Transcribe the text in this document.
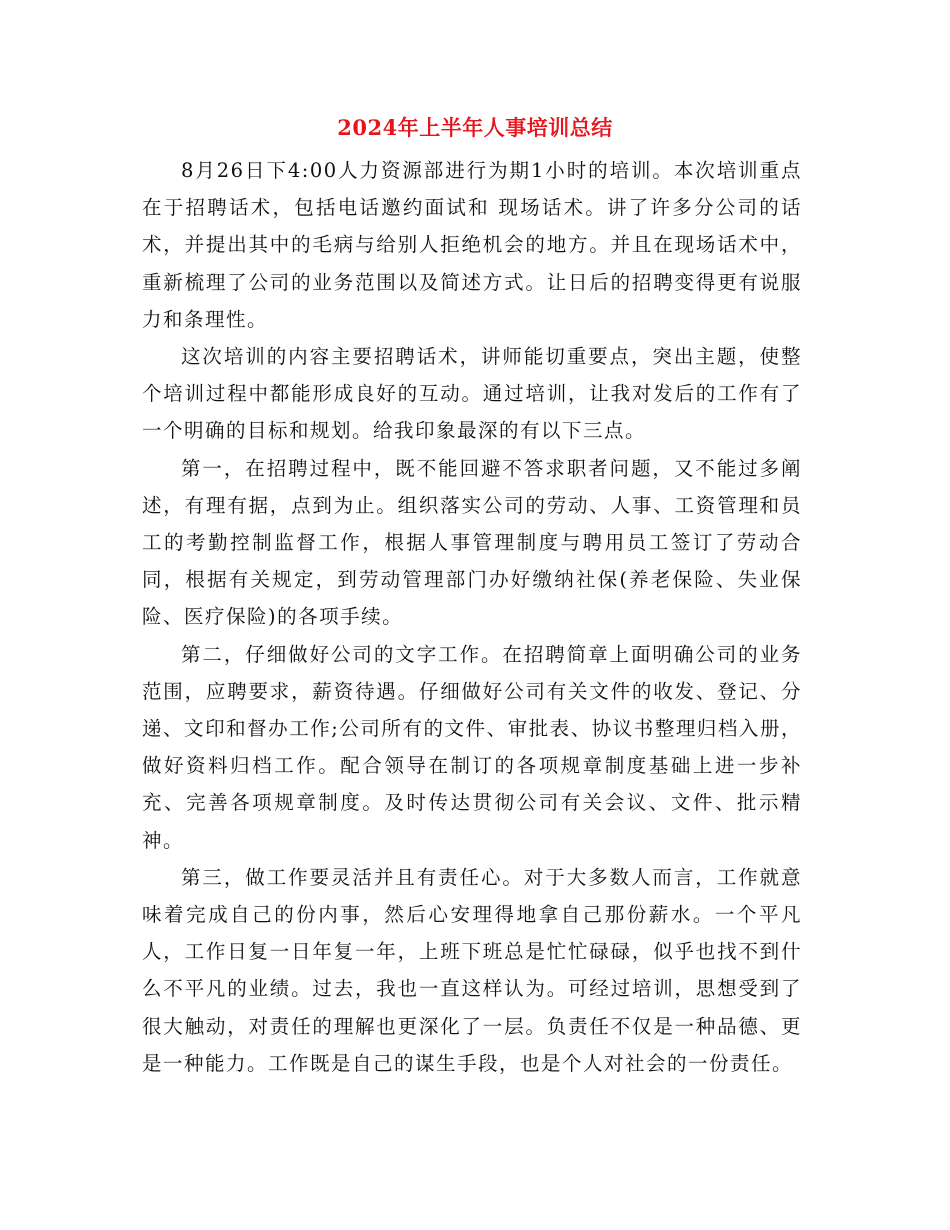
2024年上半年人事培训总结

8月26日下4:00人力资源部进行为期1小时的培训。本次培训重点在于招聘话术，包括电话邀约面试和 现场话术。讲了许多分公司的话术，并提出其中的毛病与给别人拒绝机会的地方。并且在现场话术中，重新梳理了公司的业务范围以及简述方式。让日后的招聘变得更有说服力和条理性。

这次培训的内容主要招聘话术，讲师能切重要点，突出主题，使整个培训过程中都能形成良好的互动。通过培训，让我对发后的工作有了一个明确的目标和规划。给我印象最深的有以下三点。

第一，在招聘过程中，既不能回避不答求职者问题，又不能过多阐述，有理有据，点到为止。组织落实公司的劳动、人事、工资管理和员工的考勤控制监督工作，根据人事管理制度与聘用员工签订了劳动合同，根据有关规定，到劳动管理部门办好缴纳社保(养老保险、失业保险、医疗保险)的各项手续。

第二，仔细做好公司的文字工作。在招聘简章上面明确公司的业务范围，应聘要求，薪资待遇。仔细做好公司有关文件的收发、登记、分递、文印和督办工作;公司所有的文件、审批表、协议书整理归档入册，做好资料归档工作。配合领导在制订的各项规章制度基础上进一步补充、完善各项规章制度。及时传达贯彻公司有关会议、文件、批示精神。

第三，做工作要灵活并且有责任心。对于大多数人而言，工作就意味着完成自己的份内事，然后心安理得地拿自己那份薪水。一个平凡人，工作日复一日年复一年，上班下班总是忙忙碌碌，似乎也找不到什么不平凡的业绩。过去，我也一直这样认为。可经过培训，思想受到了很大触动，对责任的理解也更深化了一层。负责任不仅是一种品德、更是一种能力。工作既是自己的谋生手段，也是个人对社会的一份责任。
